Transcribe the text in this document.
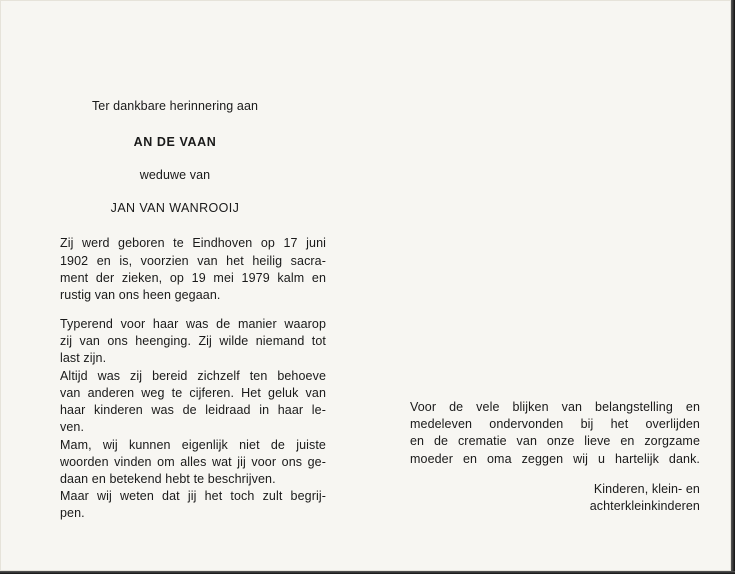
Ter dankbare herinnering aan
AN DE VAAN
weduwe van
JAN VAN WANROOIJ
Zij werd geboren te Eindhoven op 17 juni
1902 en is, voorzien van het heilig sacra-
ment der zieken, op 19 mei 1979 kalm en
rustig van ons heen gegaan.
Typerend voor haar was de manier waarop
zij van ons heenging. Zij wilde niemand tot
last zijn.
Altijd was zij bereid zichzelf ten behoeve
van anderen weg te cijferen. Het geluk van
haar kinderen was de leidraad in haar le-
ven.
Mam, wij kunnen eigenlijk niet de juiste
woorden vinden om alles wat jij voor ons ge-
daan en betekend hebt te beschrijven.
Maar wij weten dat jij het toch zult begrij-
pen.
Voor de vele blijken van belangstelling en
medeleven ondervonden bij het overlijden
en de crematie van onze lieve en zorgzame
moeder en oma zeggen wij u hartelijk dank.
Kinderen, klein- en
achterkleinkinderen
